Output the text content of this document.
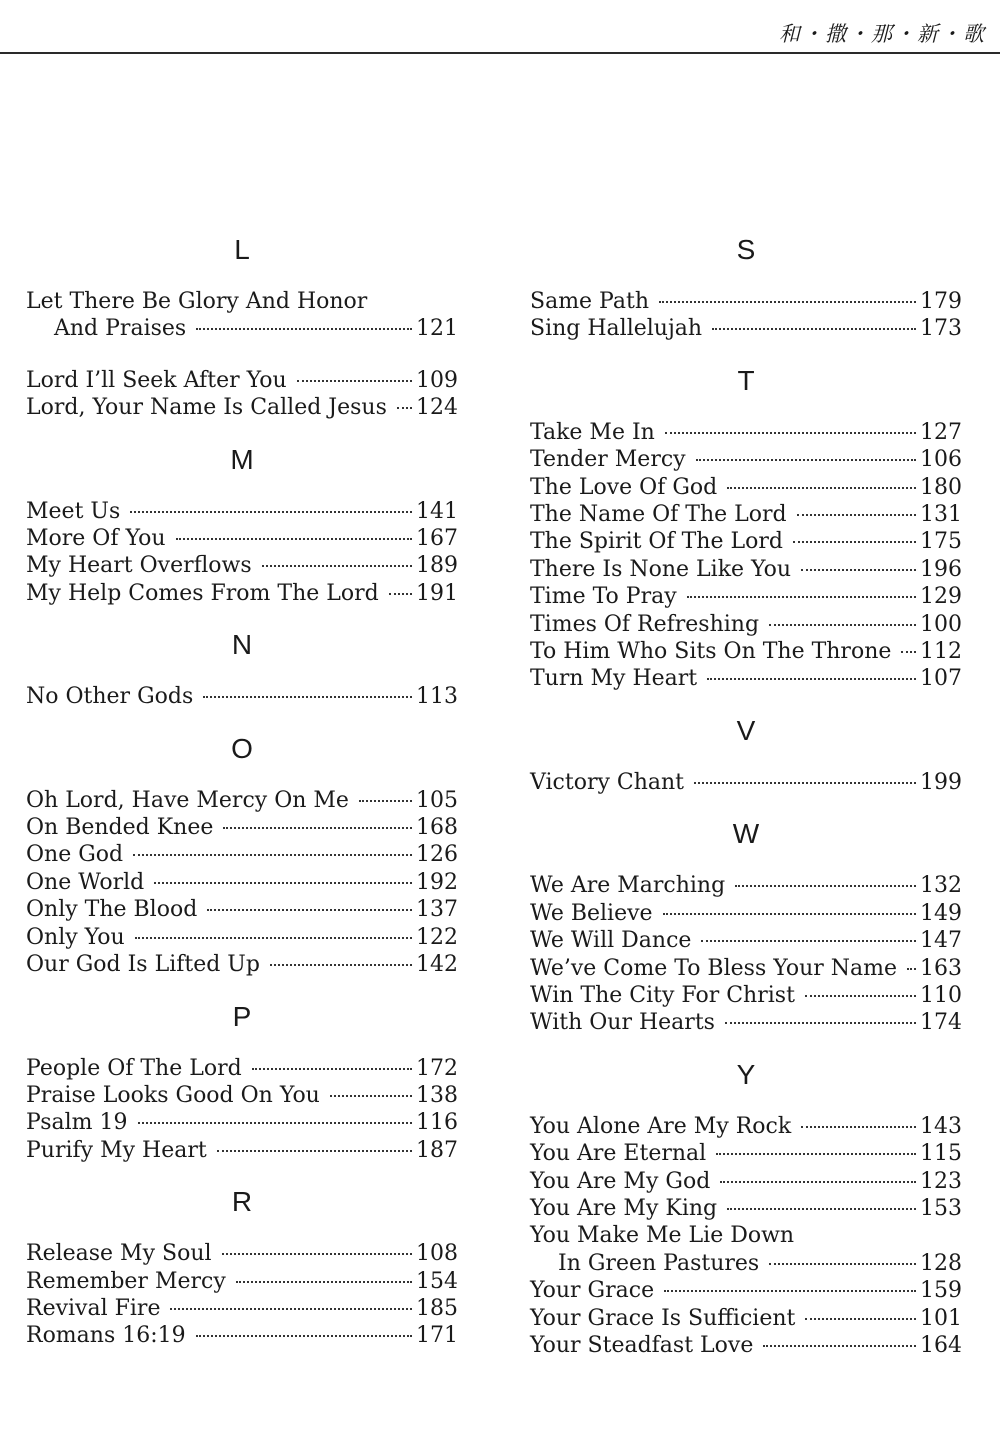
和・撒・那・新・歌
L
Let There Be Glory And Honor
And Praises	121
Lord I’ll Seek After You	109
Lord, Your Name Is Called Jesus 124
M
Meet Us	141
More Of You	167
My Heart Overflows	189
My Help Comes From The Lord 191
N
No Other Gods	113
O
Oh Lord, Have Mercy On Me	105
On Bended Knee	168
One God	126
One World	192
Only The Blood	137
Only You	122
Our God Is Lifted Up	142
P
People Of The Lord	172
Praise Looks Good On You	138
Psalm 19	116
Purify My Heart	187
R
Release My Soul	108
Remember Mercy	154
Revival Fire	185
Romans 16:19	171
S
Same Path	179
Sing Hallelujah	173
T
Take Me In	127
Tender Mercy	106
The Love Of God	180
The Name Of The Lord	131
The Spirit Of The Lord	175
There Is None Like You	196
Time To Pray	129
Times Of Refreshing	100
To Him Who Sits On The Throne 112
Turn My Heart	107
V
Victory Chant	199
W
We Are Marching	132
We Believe	149
We Will Dance	147
We’ve Come To Bless Your Name 163
Win The City For Christ	110
With Our Hearts	174
Y
You Alone Are My Rock	143
You Are Eternal	115
You Are My God	123
You Are My King	153
You Make Me Lie Down
In Green Pastures	128
Your Grace	159
Your Grace Is Sufficient	101
Your Steadfast Love	164
